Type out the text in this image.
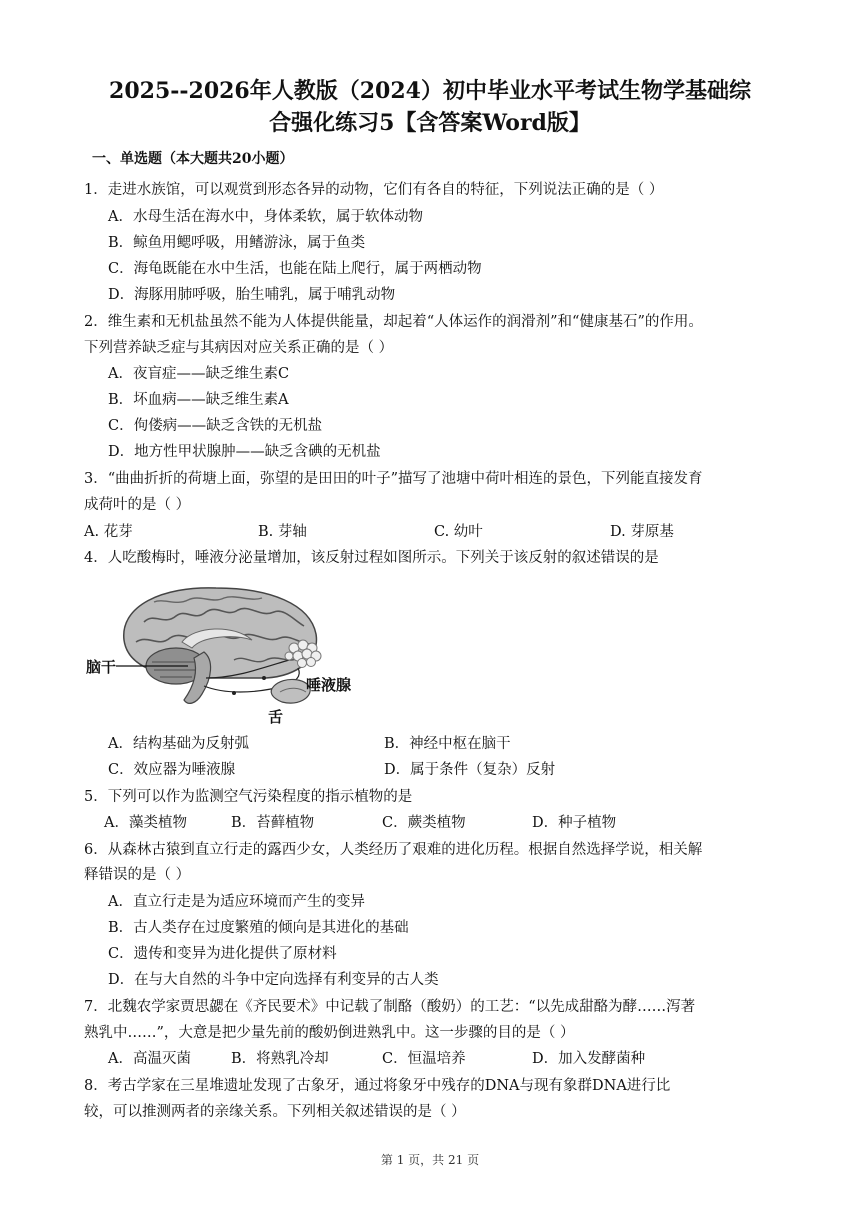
2025--2026年人教版（2024）初中毕业水平考试生物学基础综
合强化练习5【含答案Word版】
一、单选题（本大题共20小题）
1．走进水族馆，可以观赏到形态各异的动物，它们有各自的特征，下列说法正确的是（ ）
A．水母生活在海水中，身体柔软，属于软体动物
B．鲸鱼用鳃呼吸，用鳍游泳，属于鱼类
C．海龟既能在水中生活，也能在陆上爬行，属于两栖动物
D．海豚用肺呼吸，胎生哺乳，属于哺乳动物
2．维生素和无机盐虽然不能为人体提供能量，却起着“人体运作的润滑剂”和“健康基石”的作用。
下列营养缺乏症与其病因对应关系正确的是（ ）
A．夜盲症——缺乏维生素C
B．坏血病——缺乏维生素A
C．佝偻病——缺乏含铁的无机盐
D．地方性甲状腺肿——缺乏含碘的无机盐
3．“曲曲折折的荷塘上面，弥望的是田田的叶子”描写了池塘中荷叶相连的景色，下列能直接发育
成荷叶的是（ ）
A. 花芽	B. 芽轴	C. 幼叶	D. 芽原基
4．人吃酸梅时，唾液分泌量增加，该反射过程如图所示。下列关于该反射的叙述错误的是
脑干
唾液腺
舌
A．结构基础为反射弧	B．神经中枢在脑干
C．效应器为唾液腺	D．属于条件（复杂）反射
5．下列可以作为监测空气污染程度的指示植物的是
A．藻类植物	B．苔藓植物	C．蕨类植物	D．种子植物
6．从森林古猿到直立行走的露西少女，人类经历了艰难的进化历程。根据自然选择学说，相关解
释错误的是（ ）
A．直立行走是为适应环境而产生的变异
B．古人类存在过度繁殖的倾向是其进化的基础
C．遗传和变异为进化提供了原材料
D．在与大自然的斗争中定向选择有利变异的古人类
7．北魏农学家贾思勰在《齐民要术》中记载了制酪（酸奶）的工艺：“以先成甜酪为酵……泻著
熟乳中……”，大意是把少量先前的酸奶倒进熟乳中。这一步骤的目的是（ ）
A．高温灭菌	B．将熟乳冷却	C．恒温培养	D．加入发酵菌种
8．考古学家在三星堆遗址发现了古象牙，通过将象牙中残存的DNA与现有象群DNA进行比
较，可以推测两者的亲缘关系。下列相关叙述错误的是（ ）
第 1 页，共 21 页
